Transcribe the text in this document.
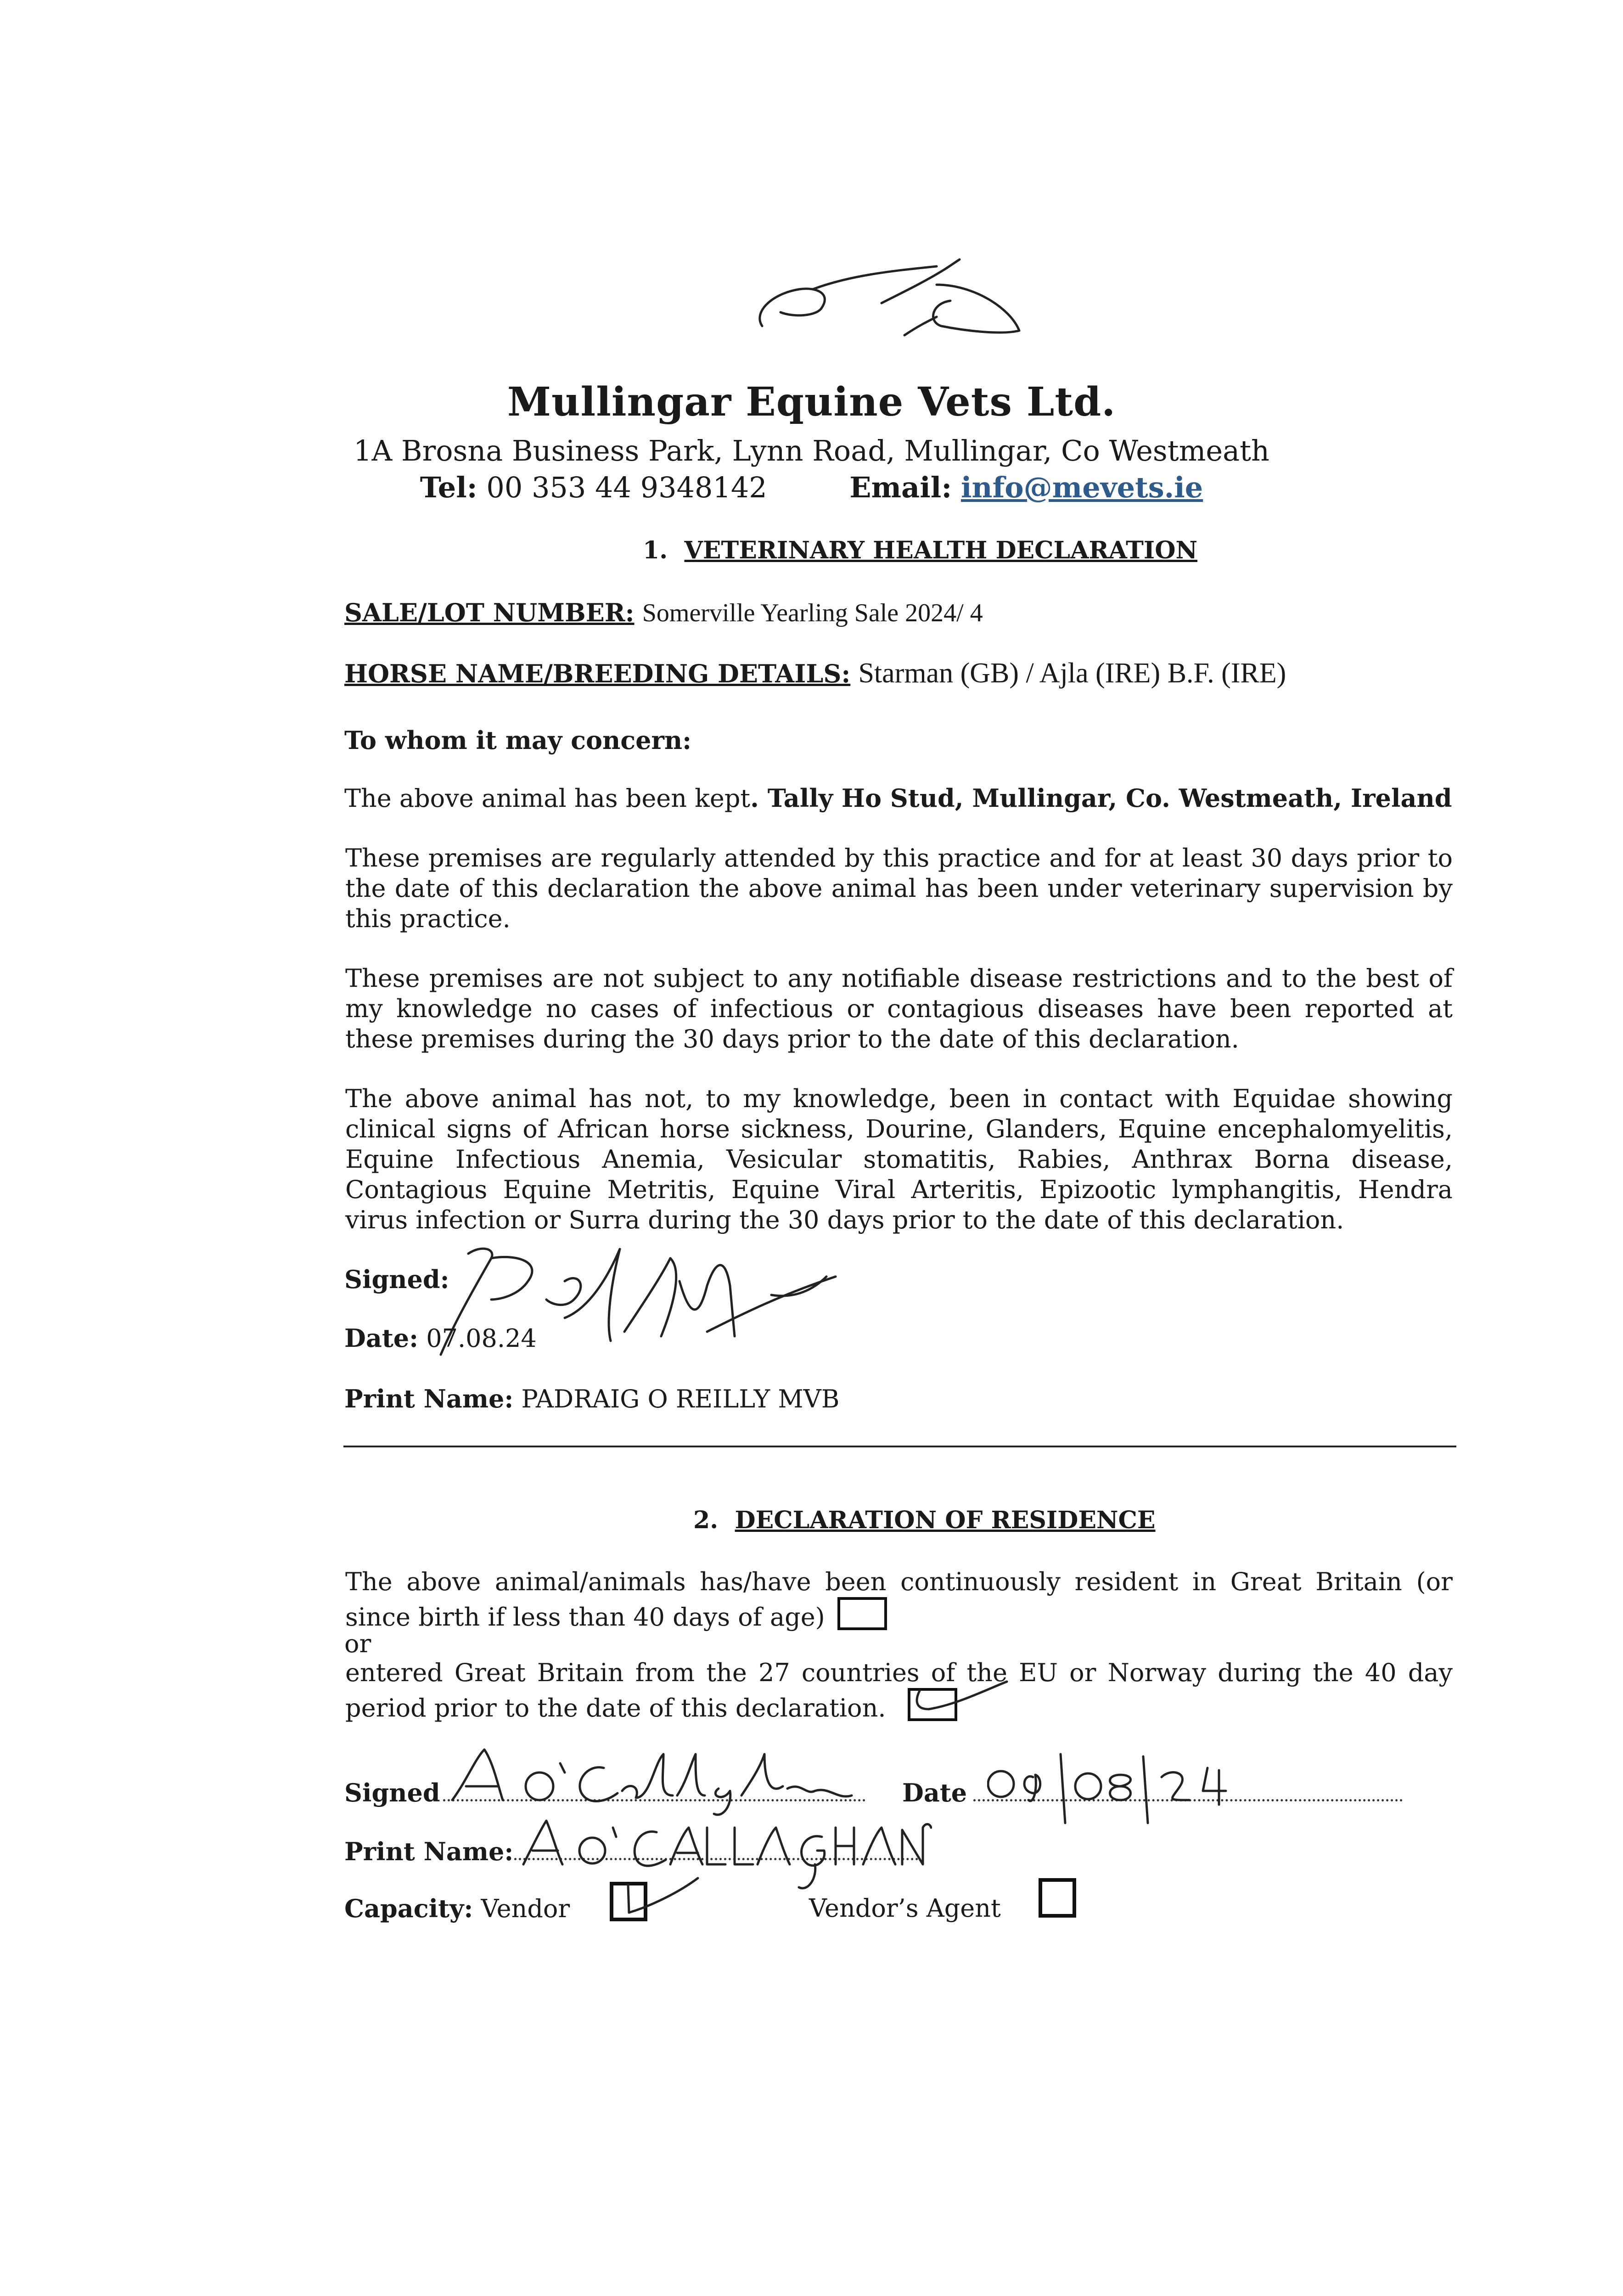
Mullingar Equine Vets Ltd.
1A Brosna Business Park, Lynn Road, Mullingar, Co Westmeath
Tel: 00 353 44 9348142	Email: info@mevets.ie
1. VETERINARY HEALTH DECLARATION
SALE/LOT NUMBER: Somerville Yearling Sale 2024/ 4
HORSE NAME/BREEDING DETAILS: Starman (GB) / Ajla (IRE) B.F. (IRE)
To whom it may concern:
The above animal has been kept. Tally Ho Stud, Mullingar, Co. Westmeath, Ireland
These premises are regularly attended by this practice and for at least 30 days prior to the date of this declaration the above animal has been under veterinary supervision by this practice.
These premises are not subject to any notifiable disease restrictions and to the best of my knowledge no cases of infectious or contagious diseases have been reported at these premises during the 30 days prior to the date of this declaration.
The above animal has not, to my knowledge, been in contact with Equidae showing clinical signs of African horse sickness, Dourine, Glanders, Equine encephalomyelitis, Equine Infectious Anemia, Vesicular stomatitis, Rabies, Anthrax Borna disease, Contagious Equine Metritis, Equine Viral Arteritis, Epizootic lymphangitis, Hendra virus infection or Surra during the 30 days prior to the date of this declaration.
Signed:
Date: 07.08.24
Print Name: PADRAIG O REILLY MVB
2. DECLARATION OF RESIDENCE
The above animal/animals has/have been continuously resident in Great Britain (or since birth if less than 40 days of age)
or
entered Great Britain from the 27 countries of the EU or Norway during the 40 day period prior to the date of this declaration.
Signed	Date
Print Name:
Capacity: Vendor	Vendor’s Agent
